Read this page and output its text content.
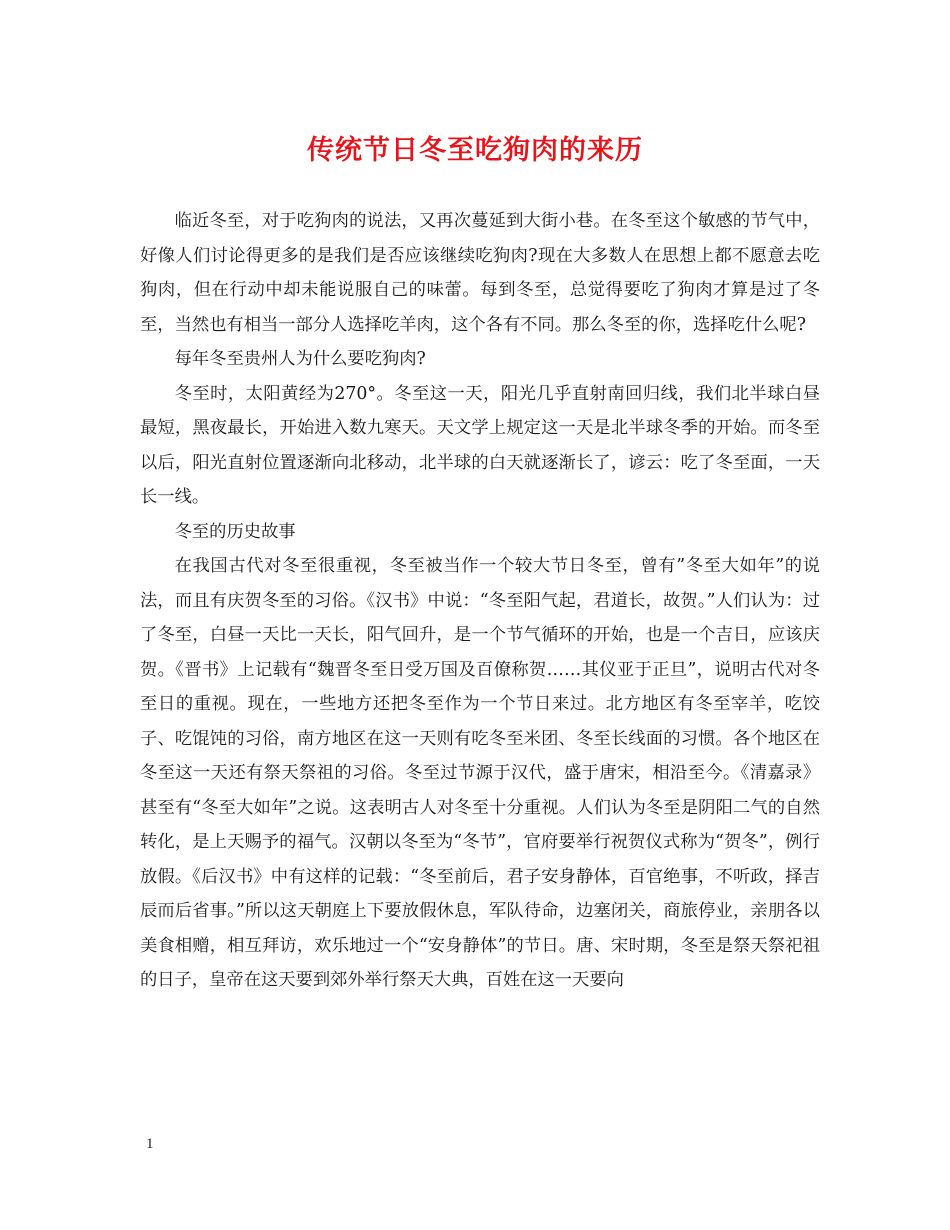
传统节日冬至吃狗肉的来历

临近冬至，对于吃狗肉的说法，又再次蔓延到大街小巷。在冬至这个敏感的节气中，好像人们讨论得更多的是我们是否应该继续吃狗肉?现在大多数人在思想上都不愿意去吃狗肉，但在行动中却未能说服自己的味蕾。每到冬至，总觉得要吃了狗肉才算是过了冬至，当然也有相当一部分人选择吃羊肉，这个各有不同。那么冬至的你，选择吃什么呢?

每年冬至贵州人为什么要吃狗肉?

冬至时，太阳黄经为270°。冬至这一天，阳光几乎直射南回归线，我们北半球白昼最短，黑夜最长，开始进入数九寒天。天文学上规定这一天是北半球冬季的开始。而冬至以后，阳光直射位置逐渐向北移动，北半球的白天就逐渐长了，谚云：吃了冬至面，一天长一线。

冬至的历史故事

在我国古代对冬至很重视，冬至被当作一个较大节日冬至，曾有”冬至大如年”的说法，而且有庆贺冬至的习俗。《汉书》中说：“冬至阳气起，君道长，故贺。”人们认为：过了冬至，白昼一天比一天长，阳气回升，是一个节气循环的开始，也是一个吉日，应该庆贺。《晋书》上记载有“魏晋冬至日受万国及百僚称贺……其仪亚于正旦”，说明古代对冬至日的重视。现在，一些地方还把冬至作为一个节日来过。北方地区有冬至宰羊，吃饺子、吃馄饨的习俗，南方地区在这一天则有吃冬至米团、冬至长线面的习惯。各个地区在冬至这一天还有祭天祭祖的习俗。冬至过节源于汉代，盛于唐宋，相沿至今。《清嘉录》甚至有“冬至大如年”之说。这表明古人对冬至十分重视。人们认为冬至是阴阳二气的自然转化，是上天赐予的福气。汉朝以冬至为“冬节”，官府要举行祝贺仪式称为“贺冬”，例行放假。《后汉书》中有这样的记载：“冬至前后，君子安身静体，百官绝事，不听政，择吉辰而后省事。”所以这天朝庭上下要放假休息，军队待命，边塞闭关，商旅停业，亲朋各以美食相赠，相互拜访，欢乐地过一个“安身静体”的节日。唐、宋时期，冬至是祭天祭祀祖的日子，皇帝在这天要到郊外举行祭天大典，百姓在这一天要向

1
